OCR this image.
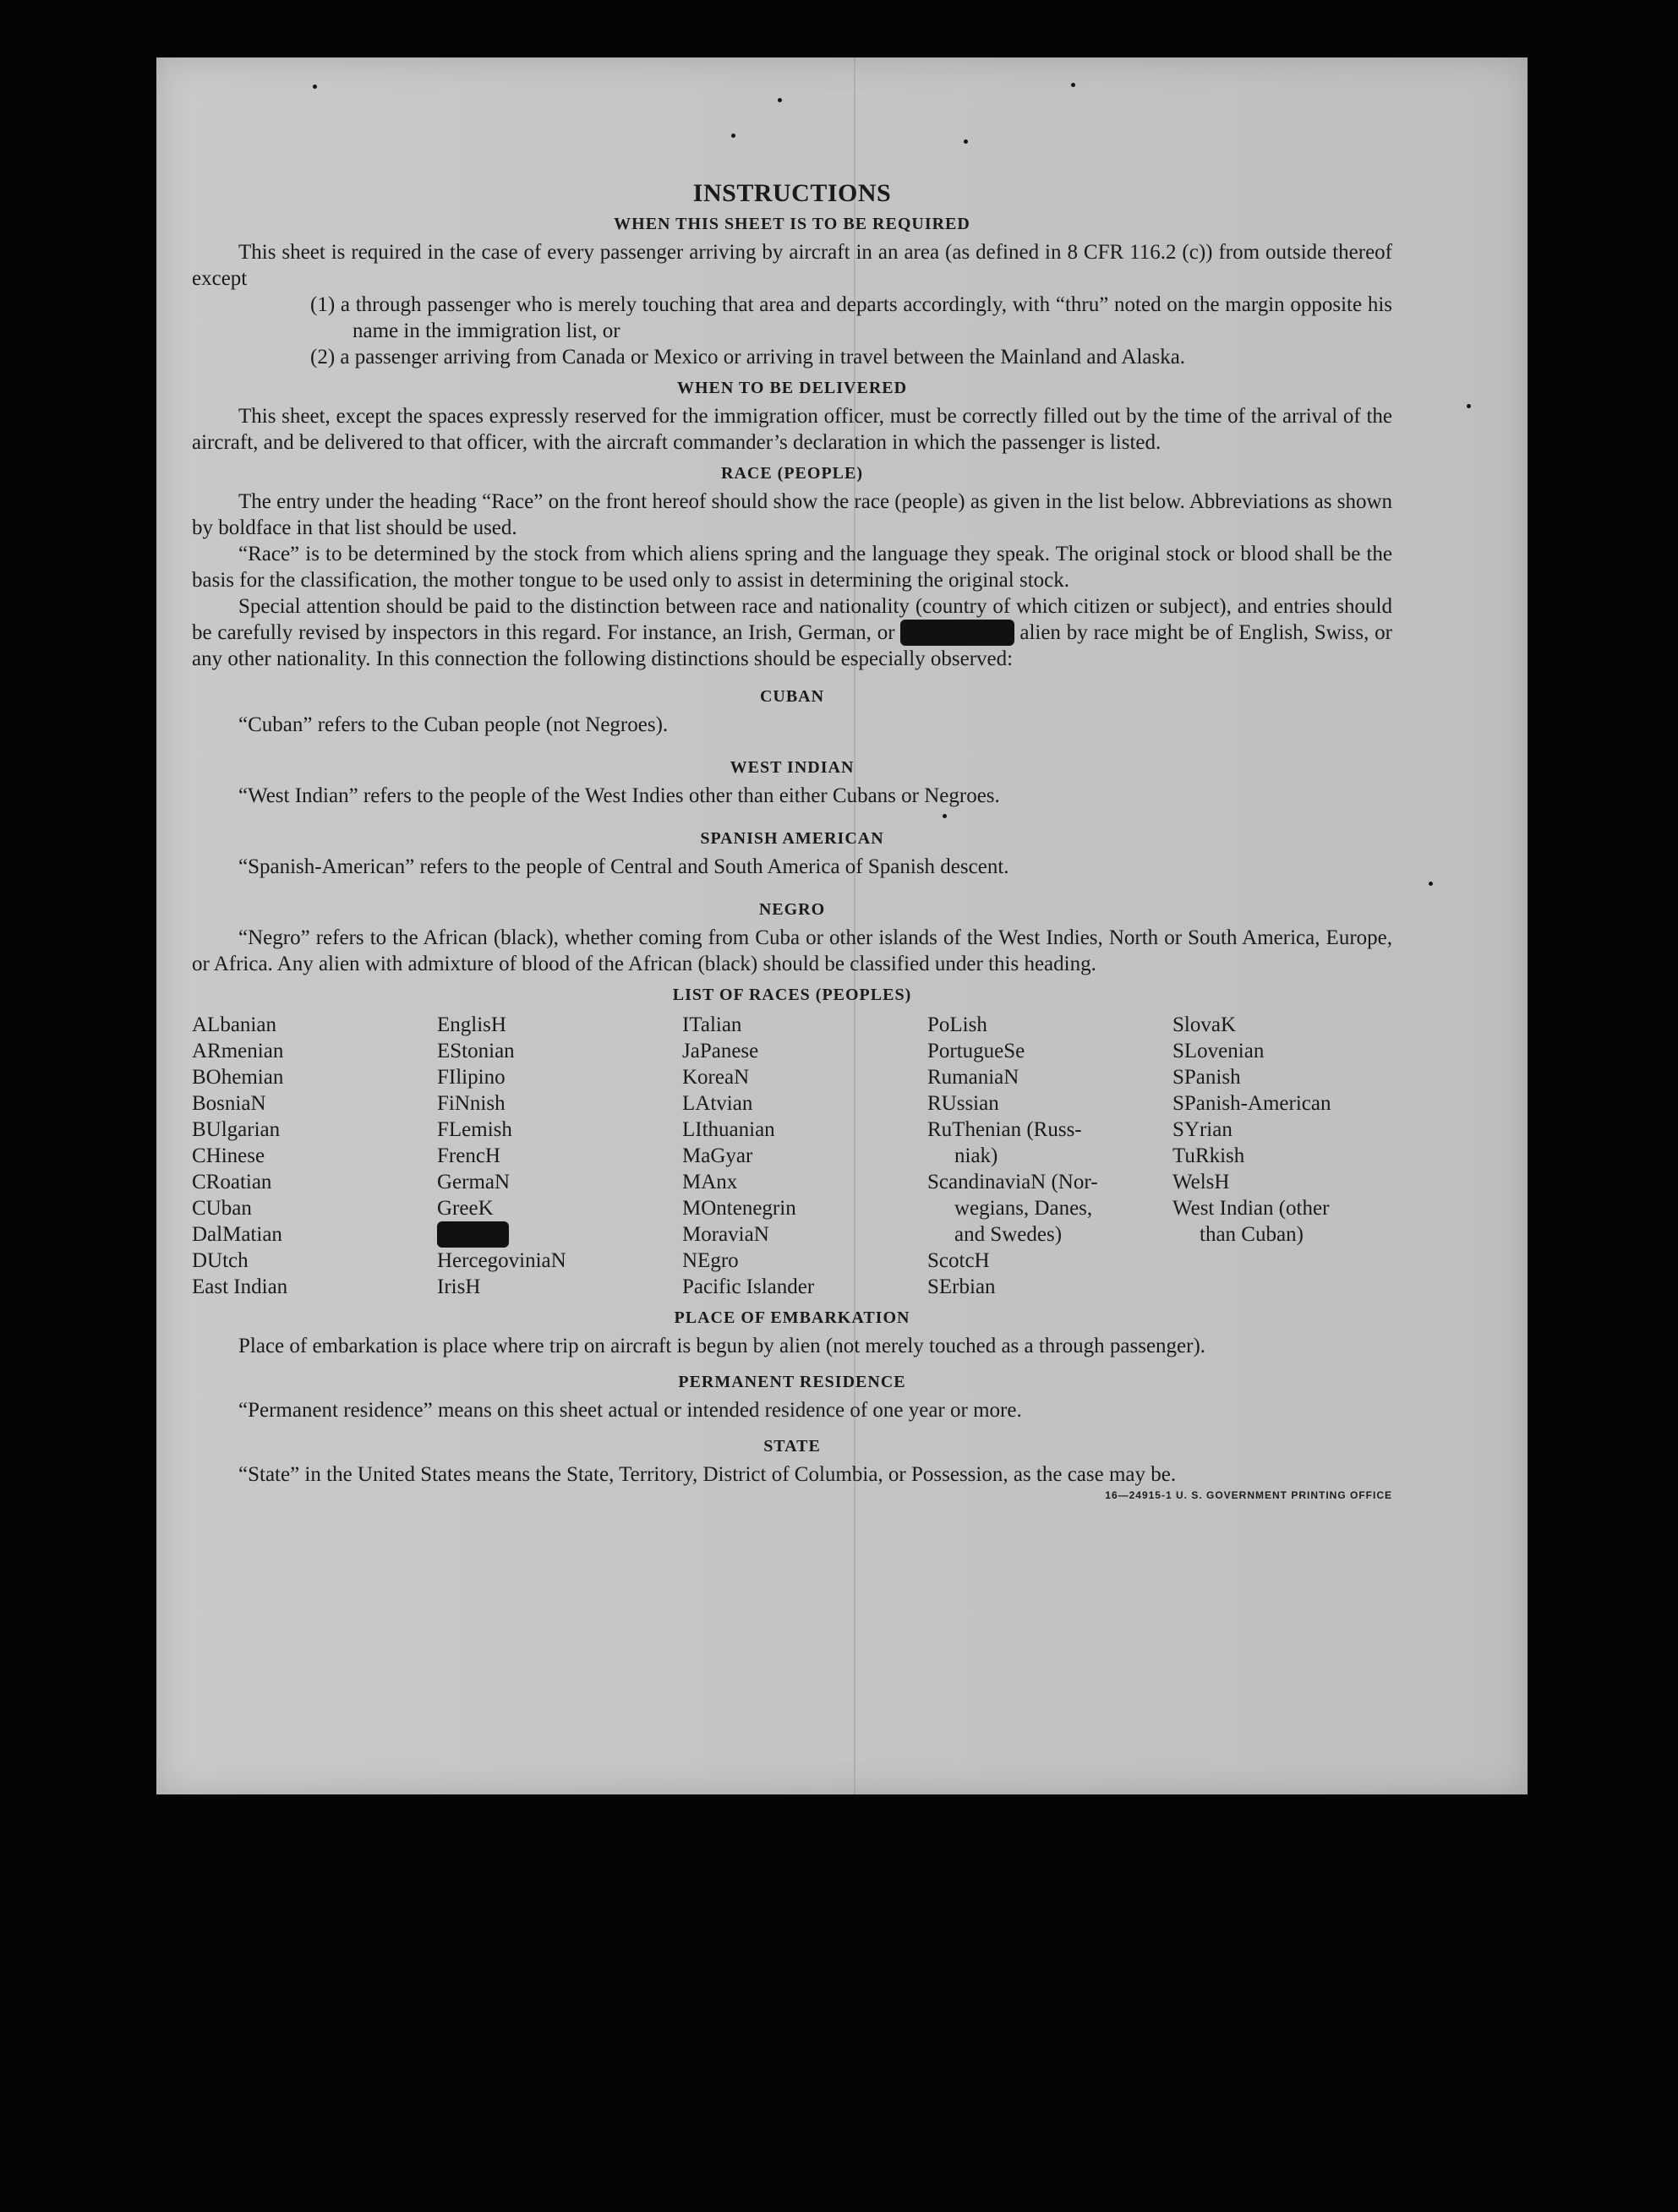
INSTRUCTIONS
WHEN THIS SHEET IS TO BE REQUIRED

This sheet is required in the case of every passenger arriving by aircraft in an area (as defined in 8 CFR 116.2 (c)) from outside thereof except

(1) a through passenger who is merely touching that area and departs accordingly, with “thru” noted on the margin opposite his name in the immigration list, or

(2) a passenger arriving from Canada or Mexico or arriving in travel between the Mainland and Alaska.

WHEN TO BE DELIVERED

This sheet, except the spaces expressly reserved for the immigration officer, must be correctly filled out by the time of the arrival of the aircraft, and be delivered to that officer, with the aircraft commander’s declaration in which the passenger is listed.

RACE (PEOPLE)

The entry under the heading “Race” on the front hereof should show the race (people) as given in the list below. Abbreviations as shown by boldface in that list should be used.

“Race” is to be determined by the stock from which aliens spring and the language they speak. The original stock or blood shall be the basis for the classification, the mother tongue to be used only to assist in determining the original stock.

Special attention should be paid to the distinction between race and nationality (country of which citizen or subject), and entries should be carefully revised by inspectors in this regard. For instance, an Irish, German, or Hebrew alien by race might be of English, Swiss, or any other nationality. In this connection the following distinctions should be especially observed:

CUBAN

“Cuban” refers to the Cuban people (not Negroes).

WEST INDIAN

“West Indian” refers to the people of the West Indies other than either Cubans or Negroes.

SPANISH AMERICAN

“Spanish-American” refers to the people of Central and South America of Spanish descent.

NEGRO

“Negro” refers to the African (black), whether coming from Cuba or other islands of the West Indies, North or South America, Europe, or Africa. Any alien with admixture of blood of the African (black) should be classified under this heading.

LIST OF RACES (PEOPLES)
ALbanian
ARmenian
BOhemian
BosniaN
BUlgarian
CHinese
CRoatian
CUban
DalMatian
DUtch
East Indian
EnglisH
EStonian
FIlipino
FiNnish
FLemish
FrencH
GermaN
GreeK
HebreW
HercegoviniaN
IrisH
ITalian
JaPanese
KoreaN
LAtvian
LIthuanian
MaGyar
MAnx
MOntenegrin
MoraviaN
NEgro
Pacific Islander
PoLish
PortugueSe
RumaniaN
RUssian
RuThenian (Russ-
niak)
ScandinaviaN (Nor-
wegians, Danes,
and Swedes)
ScotcH
SErbian
SlovaK
SLovenian
SPanish
SPanish-American
SYrian
TuRkish
WelsH
West Indian (other
than Cuban)
PLACE OF EMBARKATION

Place of embarkation is place where trip on aircraft is begun by alien (not merely touched as a through passenger).

PERMANENT RESIDENCE

“Permanent residence” means on this sheet actual or intended residence of one year or more.

STATE

“State” in the United States means the State, Territory, District of Columbia, or Possession, as the case may be.

16—24915-1 U. S. GOVERNMENT PRINTING OFFICE
